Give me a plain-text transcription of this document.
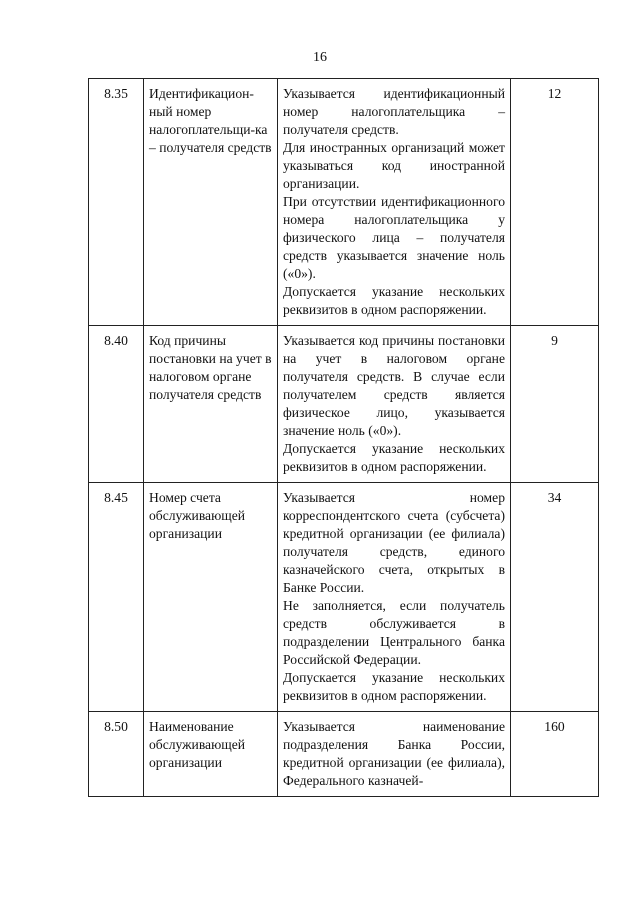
16
8.35	Идентификацион-ный номер налогоплательщи-ка – получателя средств	Указывается идентификационный номер налогоплательщика – получателя средств.
Для иностранных организаций может указываться код иностранной организации.
При отсутствии идентификационного номера налогоплательщика у физического лица – получателя средств указывается значение ноль («0»).
Допускается указание нескольких реквизитов в одном распоряжении.	12
8.40	Код причины постановки на учет в налоговом органе получателя средств	Указывается код причины постановки на учет в налоговом органе получателя средств. В случае если получателем средств является физическое лицо, указывается значение ноль («0»).
Допускается указание нескольких реквизитов в одном распоряжении.	9
8.45	Номер счета обслуживающей организации	Указывается номер корреспондентского счета (субсчета) кредитной организации (ее филиала) получателя средств, единого казначейского счета, открытых в Банке России.
Не заполняется, если получатель средств обслуживается в подразделении Центрального банка Российской Федерации.
Допускается указание нескольких реквизитов в одном распоряжении.	34
8.50	Наименование обслуживающей организации	Указывается наименование подразделения Банка России, кредитной организации (ее филиала), Федерального казначей-	160
